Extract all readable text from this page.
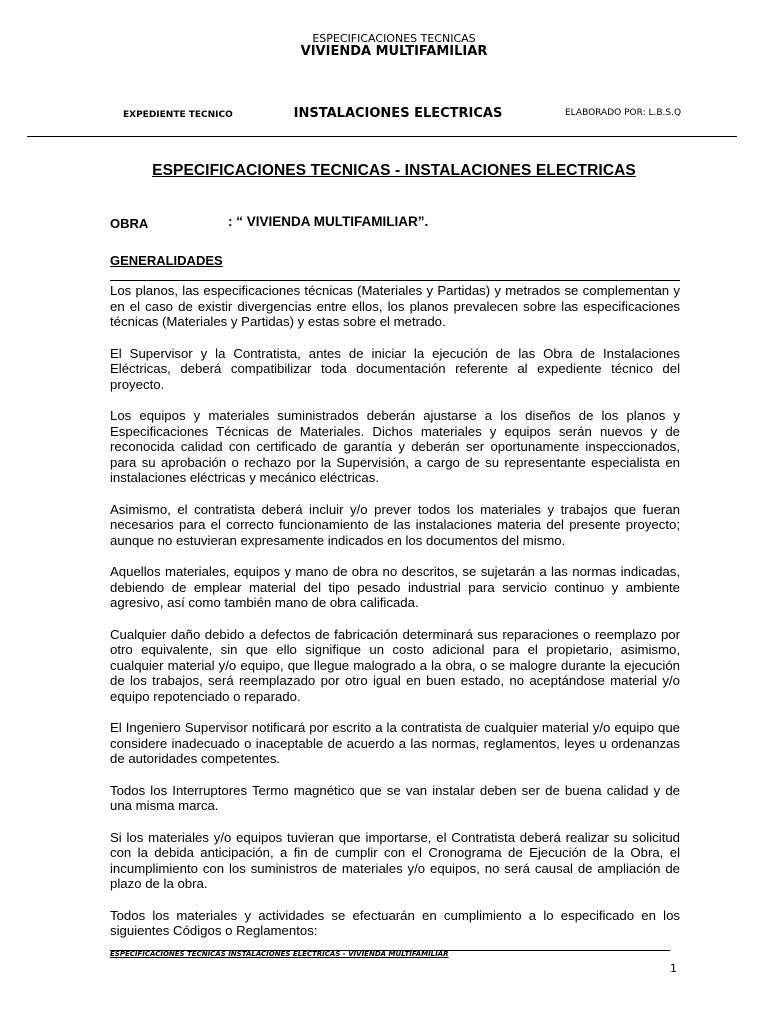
ESPECIFICACIONES TECNICAS
VIVIENDA MULTIFAMILIAR
EXPEDIENTE TECNICO	INSTALACIONES ELECTRICAS	ELABORADO POR: L.B.S.Q
ESPECIFICACIONES TECNICAS - INSTALACIONES ELECTRICAS
OBRA	: “ VIVIENDA MULTIFAMILIAR”.
GENERALIDADES

Los planos, las especificaciones técnicas (Materiales y Partidas) y metrados se complementan y en el caso de existir divergencias entre ellos, los planos prevalecen sobre las especificaciones técnicas (Materiales y Partidas) y estas sobre el metrado.

El Supervisor y la Contratista, antes de iniciar la ejecución de las Obra de Instalaciones Eléctricas, deberá compatibilizar toda documentación referente al expediente técnico del proyecto.

Los equipos y materiales suministrados deberán ajustarse a los diseños de los planos y Especificaciones Técnicas de Materiales. Dichos materiales y equipos serán nuevos y de reconocida calidad con certificado de garantía y deberán ser oportunamente inspeccionados, para su aprobación o rechazo por la Supervisión, a cargo de su representante especialista en instalaciones eléctricas y mecánico eléctricas.

Asimismo, el contratista deberá incluir y/o prever todos los materiales y trabajos que fueran necesarios para el correcto funcionamiento de las instalaciones materia del presente proyecto; aunque no estuvieran expresamente indicados en los documentos del mismo.

Aquellos materiales, equipos y mano de obra no descritos, se sujetarán a las normas indicadas, debiendo de emplear material del tipo pesado industrial para servicio continuo y ambiente agresivo, así como también mano de obra calificada.

Cualquier daño debido a defectos de fabricación determinará sus reparaciones o reemplazo por otro equivalente, sin que ello signifique un costo adicional para el propietario, asimismo, cualquier material y/o equipo, que llegue malogrado a la obra, o se malogre durante la ejecución de los trabajos, será reemplazado por otro igual en buen estado, no aceptándose material y/o equipo repotenciado o reparado.

El Ingeniero Supervisor notificará por escrito a la contratista de cualquier material y/o equipo que considere inadecuado o inaceptable de acuerdo a las normas, reglamentos, leyes u ordenanzas de autoridades competentes.

Todos los Interruptores Termo magnético que se van instalar deben ser de buena calidad y de una misma marca.

Si los materiales y/o equipos tuvieran que importarse, el Contratista deberá realizar su solicitud con la debida anticipación, a fin de cumplir con el Cronograma de Ejecución de la Obra, el incumplimiento con los suministros de materiales y/o equipos, no será causal de ampliación de plazo de la obra.

Todos los materiales y actividades se efectuarán en cumplimiento a lo especificado en los siguientes Códigos o Reglamentos:

ESPECIFICACIONES TECNICAS INSTALACIONES ELECTRICAS - VIVIENDA MULTIFAMILIAR
1
